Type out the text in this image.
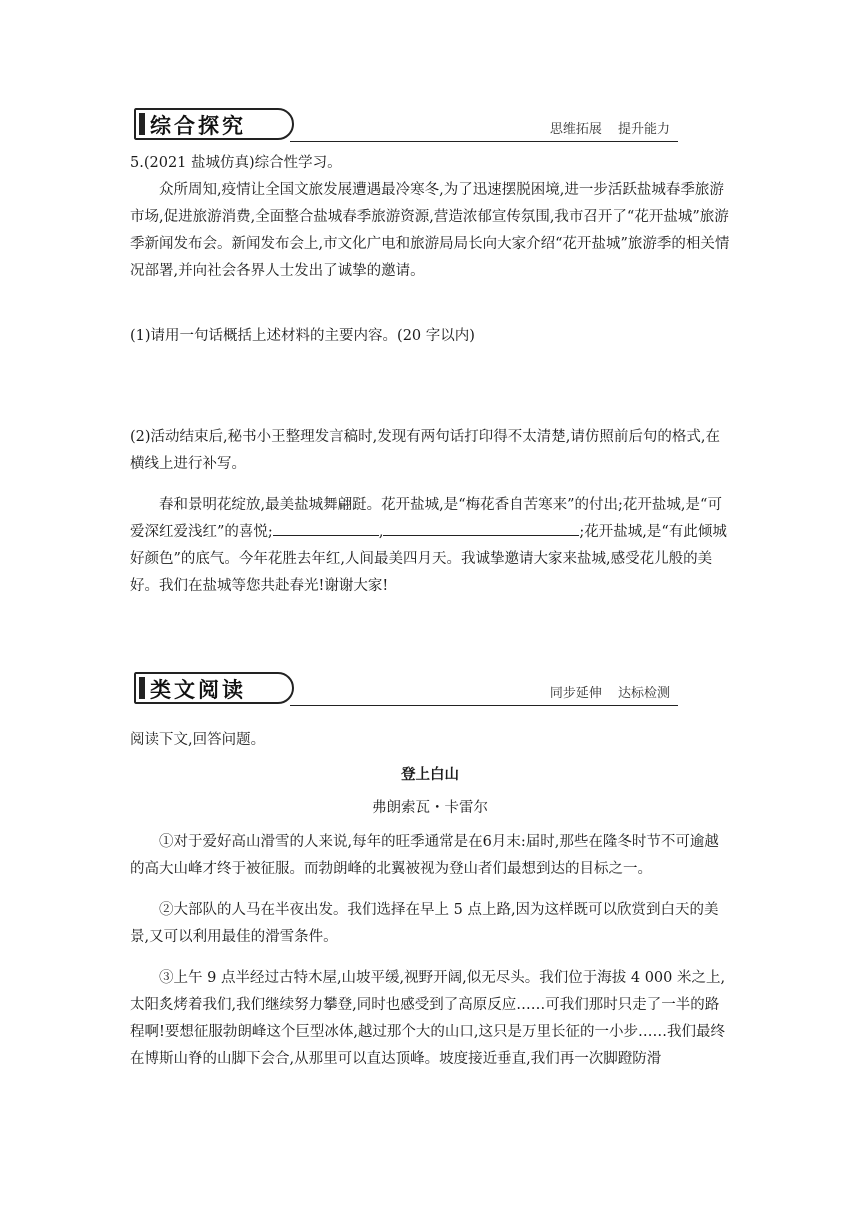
综合探究	思维拓展 提升能力

5.(2021 盐城仿真)综合性学习。

众所周知,疫情让全国文旅发展遭遇最冷寒冬,为了迅速摆脱困境,进一步活跃盐城春季旅游市场,促进旅游消费,全面整合盐城春季旅游资源,营造浓郁宣传氛围,我市召开了“花开盐城”旅游季新闻发布会。新闻发布会上,市文化广电和旅游局局长向大家介绍“花开盐城”旅游季的相关情况部署,并向社会各界人士发出了诚挚的邀请。

(1)请用一句话概括上述材料的主要内容。(20 字以内)

(2)活动结束后,秘书小王整理发言稿时,发现有两句话打印得不太清楚,请仿照前后句的格式,在横线上进行补写。

春和景明花绽放,最美盐城舞翩跹。花开盐城,是“梅花香自苦寒来”的付出;花开盐城,是“可爱深红爱浅红”的喜悦;	,	;花开盐城,是“有此倾城好颜色”的底气。今年花胜去年红,人间最美四月天。我诚挚邀请大家来盐城,感受花儿般的美好。我们在盐城等您共赴春光!谢谢大家!

类文阅读	同步延伸 达标检测

阅读下文,回答问题。

登上白山

弗朗索瓦・卡雷尔

①对于爱好高山滑雪的人来说,每年的旺季通常是在6月末:届时,那些在隆冬时节不可逾越的高大山峰才终于被征服。而勃朗峰的北翼被视为登山者们最想到达的目标之一。

②大部队的人马在半夜出发。我们选择在早上 5 点上路,因为这样既可以欣赏到白天的美景,又可以利用最佳的滑雪条件。

③上午 9 点半经过古特木屋,山坡平缓,视野开阔,似无尽头。我们位于海拔 4 000 米之上,太阳炙烤着我们,我们继续努力攀登,同时也感受到了高原反应……可我们那时只走了一半的路程啊!要想征服勃朗峰这个巨型冰体,越过那个大的山口,这只是万里长征的一小步……我们最终在博斯山脊的山脚下会合,从那里可以直达顶峰。坡度接近垂直,我们再一次脚蹬防滑
